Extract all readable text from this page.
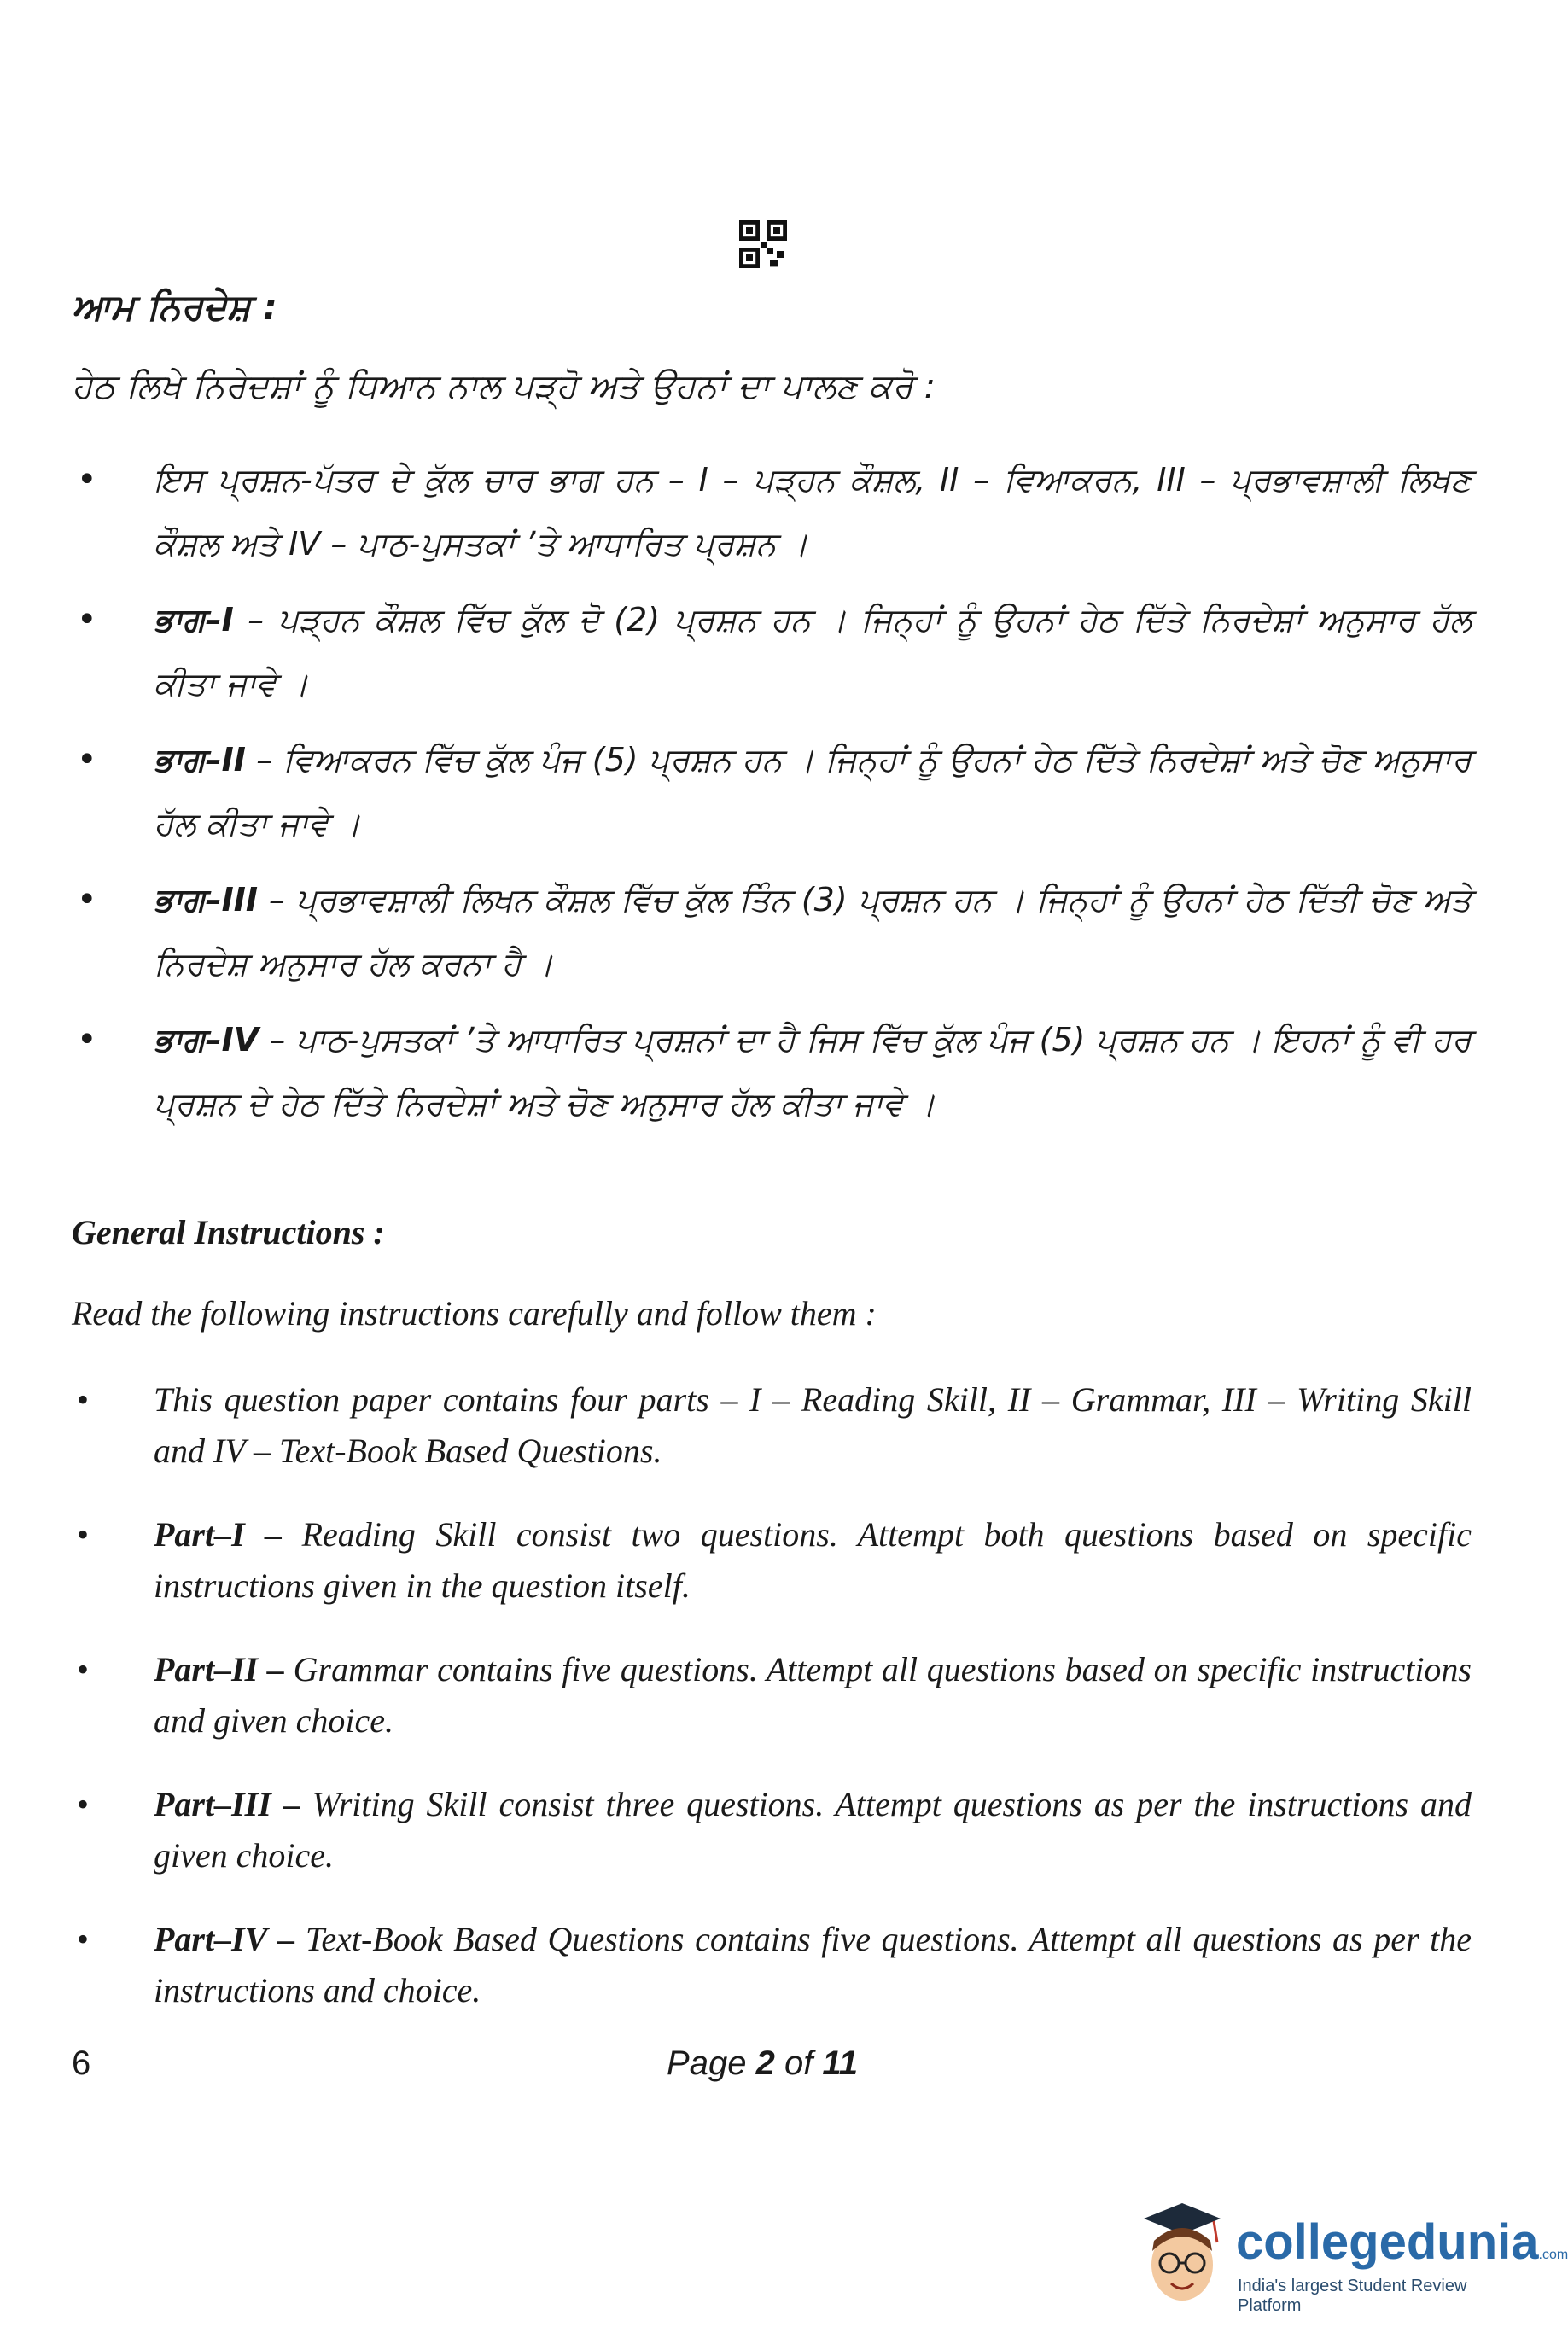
ਆਮ ਨਿਰਦੇਸ਼ :
ਹੇਠ ਲਿਖੇ ਨਿਰੇਦਸ਼ਾਂ ਨੂੰ ਧਿਆਨ ਨਾਲ ਪੜ੍ਹੋ ਅਤੇ ਉਹਨਾਂ ਦਾ ਪਾਲਣ ਕਰੋ :
• ਇਸ ਪ੍ਰਸ਼ਨ-ਪੱਤਰ ਦੇ ਕੁੱਲ ਚਾਰ ਭਾਗ ਹਨ – I – ਪੜ੍ਹਨ ਕੌਸ਼ਲ, II – ਵਿਆਕਰਨ, III – ਪ੍ਰਭਾਵਸ਼ਾਲੀ ਲਿਖਣ ਕੌਸ਼ਲ ਅਤੇ IV – ਪਾਠ-ਪੁਸਤਕਾਂ ’ਤੇ ਆਧਾਰਿਤ ਪ੍ਰਸ਼ਨ ।
• ਭਾਗ–I – ਪੜ੍ਹਨ ਕੌਸ਼ਲ ਵਿੱਚ ਕੁੱਲ ਦੋ (2) ਪ੍ਰਸ਼ਨ ਹਨ । ਜਿਨ੍ਹਾਂ ਨੂੰ ਉਹਨਾਂ ਹੇਠ ਦਿੱਤੇ ਨਿਰਦੇਸ਼ਾਂ ਅਨੁਸਾਰ ਹੱਲ ਕੀਤਾ ਜਾਵੇ ।
• ਭਾਗ–II – ਵਿਆਕਰਨ ਵਿੱਚ ਕੁੱਲ ਪੰਜ (5) ਪ੍ਰਸ਼ਨ ਹਨ । ਜਿਨ੍ਹਾਂ ਨੂੰ ਉਹਨਾਂ ਹੇਠ ਦਿੱਤੇ ਨਿਰਦੇਸ਼ਾਂ ਅਤੇ ਚੋਣ ਅਨੁਸਾਰ ਹੱਲ ਕੀਤਾ ਜਾਵੇ ।
• ਭਾਗ–III – ਪ੍ਰਭਾਵਸ਼ਾਲੀ ਲਿਖਨ ਕੌਸ਼ਲ ਵਿੱਚ ਕੁੱਲ ਤਿੰਨ (3) ਪ੍ਰਸ਼ਨ ਹਨ । ਜਿਨ੍ਹਾਂ ਨੂੰ ਉਹਨਾਂ ਹੇਠ ਦਿੱਤੀ ਚੋਣ ਅਤੇ ਨਿਰਦੇਸ਼ ਅਨੁਸਾਰ ਹੱਲ ਕਰਨਾ ਹੈ ।
• ਭਾਗ–IV – ਪਾਠ-ਪੁਸਤਕਾਂ ’ਤੇ ਆਧਾਰਿਤ ਪ੍ਰਸ਼ਨਾਂ ਦਾ ਹੈ ਜਿਸ ਵਿੱਚ ਕੁੱਲ ਪੰਜ (5) ਪ੍ਰਸ਼ਨ ਹਨ । ਇਹਨਾਂ ਨੂੰ ਵੀ ਹਰ ਪ੍ਰਸ਼ਨ ਦੇ ਹੇਠ ਦਿੱਤੇ ਨਿਰਦੇਸ਼ਾਂ ਅਤੇ ਚੋਣ ਅਨੁਸਾਰ ਹੱਲ ਕੀਤਾ ਜਾਵੇ ।
General Instructions :
Read the following instructions carefully and follow them :
• This question paper contains four parts – I – Reading Skill, II – Grammar, III – Writing Skill and IV – Text-Book Based Questions.
• Part–I – Reading Skill consist two questions. Attempt both questions based on specific instructions given in the question itself.
• Part–II – Grammar contains five questions. Attempt all questions based on specific instructions and given choice.
• Part–III – Writing Skill consist three questions. Attempt questions as per the instructions and given choice.
• Part–IV – Text-Book Based Questions contains five questions. Attempt all questions as per the instructions and choice.
6	Page 2 of 11
collegedunia.com
India's largest Student Review Platform
